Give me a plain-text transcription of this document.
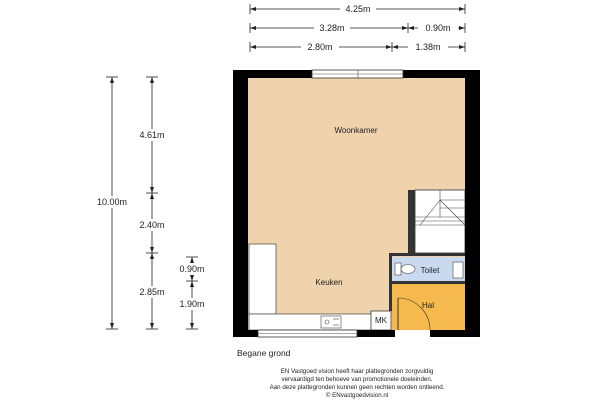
4.25m
3.28m	0.90m
2.80m	1.38m
10.00m
4.61m
2.40m
2.85m
0.90m
1.90m
Woonkamer
Keuken
Toilet
Hal
MK
Begane grond
EN Vastgoed vision heeft haar plattegronden zorgvuldig
vervaardigd ten behoeve van promotionele doeleinden.
Aan deze plattegronden kunnen geen rechten worden ontleend.
© ENvastgoedvision.nl
